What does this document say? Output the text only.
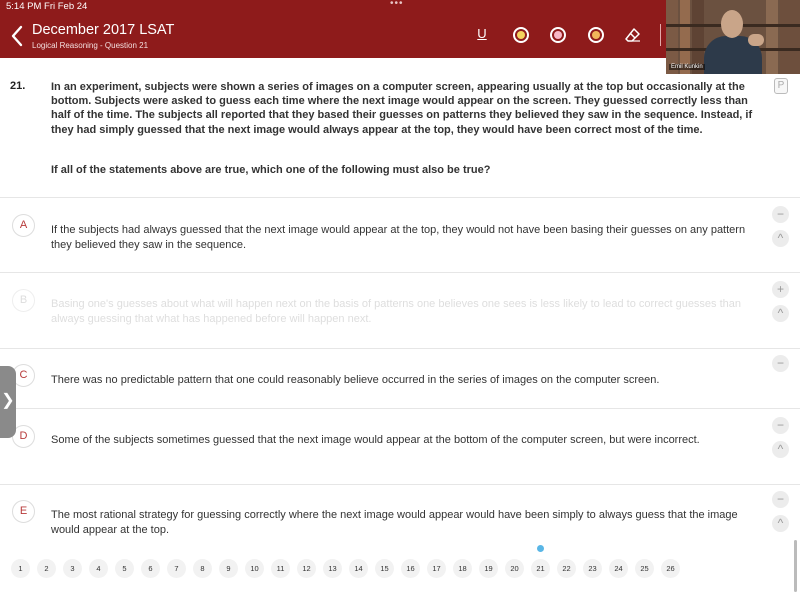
5:14 PM Fri Feb 24	•••
December 2017 LSAT
Logical Reasoning - Question 21
U
Emil Kunkin
21. In an experiment, subjects were shown a series of images on a computer screen, appearing usually at the top but occasionally at the bottom. Subjects were asked to guess each time where the next image would appear on the screen. They guessed correctly less than half of the time. The subjects all reported that they based their guesses on patterns they believed they saw in the sequence. Instead, if they had simply guessed that the next image would always appear at the top, they would have been correct most of the time.
If all of the statements above are true, which one of the following must also be true?
P
A	If the subjects had always guessed that the next image would appear at the top, they would not have been basing their guesses on any pattern they believed they saw in the sequence.
−
^
B	Basing one's guesses about what will happen next on the basis of patterns one believes one sees is less likely to lead to correct guesses than always guessing that what has happened before will happen next.
+
^
C	There was no predictable pattern that one could reasonably believe occurred in the series of images on the computer screen.
−
D	Some of the subjects sometimes guessed that the next image would appear at the bottom of the computer screen, but were incorrect.
−
^
E	The most rational strategy for guessing correctly where the next image would appear would have been simply to always guess that the image would appear at the top.
−
^
❯
1	2	3	4	5	6	7	8	9	10	11	12	13	14	15	16	17	18	19	20	21	22	23	24	25	26
